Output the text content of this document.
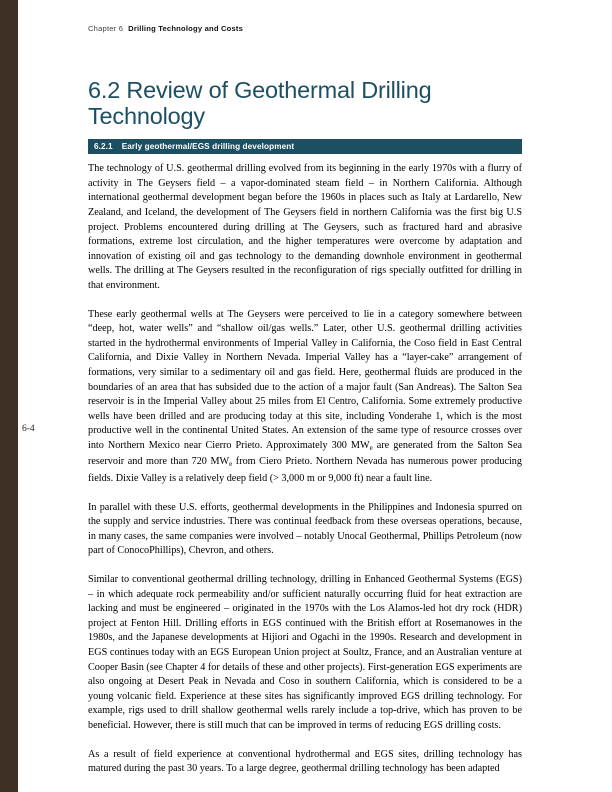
Chapter 6 Drilling Technology and Costs
6-4
6.2 Review of Geothermal Drilling Technology
6.2.1 Early geothermal/EGS drilling development

The technology of U.S. geothermal drilling evolved from its beginning in the early 1970s with a flurry of activity in The Geysers field – a vapor-dominated steam field – in Northern California. Although international geothermal development began before the 1960s in places such as Italy at Lardarello, New Zealand, and Iceland, the development of The Geysers field in northern California was the first big U.S project. Problems encountered during drilling at The Geysers, such as fractured hard and abrasive formations, extreme lost circulation, and the higher temperatures were overcome by adaptation and innovation of existing oil and gas technology to the demanding downhole environment in geothermal wells. The drilling at The Geysers resulted in the reconfiguration of rigs specially outfitted for drilling in that environment.

These early geothermal wells at The Geysers were perceived to lie in a category somewhere between “deep, hot, water wells” and “shallow oil/gas wells.” Later, other U.S. geothermal drilling activities started in the hydrothermal environments of Imperial Valley in California, the Coso field in East Central California, and Dixie Valley in Northern Nevada. Imperial Valley has a “layer-cake” arrangement of formations, very similar to a sedimentary oil and gas field. Here, geothermal fluids are produced in the boundaries of an area that has subsided due to the action of a major fault (San Andreas). The Salton Sea reservoir is in the Imperial Valley about 25 miles from El Centro, California. Some extremely productive wells have been drilled and are producing today at this site, including Vonderahe 1, which is the most productive well in the continental United States. An extension of the same type of resource crosses over into Northern Mexico near Cierro Prieto. Approximately 300 $MW_e$ are generated from the Salton Sea reservoir and more than 720 $MW_e$ from Ciero Prieto. Northern Nevada has numerous power producing fields. Dixie Valley is a relatively deep field (> 3,000 m or 9,000 ft) near a fault line.

In parallel with these U.S. efforts, geothermal developments in the Philippines and Indonesia spurred on the supply and service industries. There was continual feedback from these overseas operations, because, in many cases, the same companies were involved – notably Unocal Geothermal, Phillips Petroleum (now part of ConocoPhillips), Chevron, and others.

Similar to conventional geothermal drilling technology, drilling in Enhanced Geothermal Systems (EGS) – in which adequate rock permeability and/or sufficient naturally occurring fluid for heat extraction are lacking and must be engineered – originated in the 1970s with the Los Alamos-led hot dry rock (HDR) project at Fenton Hill. Drilling efforts in EGS continued with the British effort at Rosemanowes in the 1980s, and the Japanese developments at Hijiori and Ogachi in the 1990s. Research and development in EGS continues today with an EGS European Union project at Soultz, France, and an Australian venture at Cooper Basin (see Chapter 4 for details of these and other projects). First-generation EGS experiments are also ongoing at Desert Peak in Nevada and Coso in southern California, which is considered to be a young volcanic field. Experience at these sites has significantly improved EGS drilling technology. For example, rigs used to drill shallow geothermal wells rarely include a top-drive, which has proven to be beneficial. However, there is still much that can be improved in terms of reducing EGS drilling costs.

As a result of field experience at conventional hydrothermal and EGS sites, drilling technology has matured during the past 30 years. To a large degree, geothermal drilling technology has been adapted
